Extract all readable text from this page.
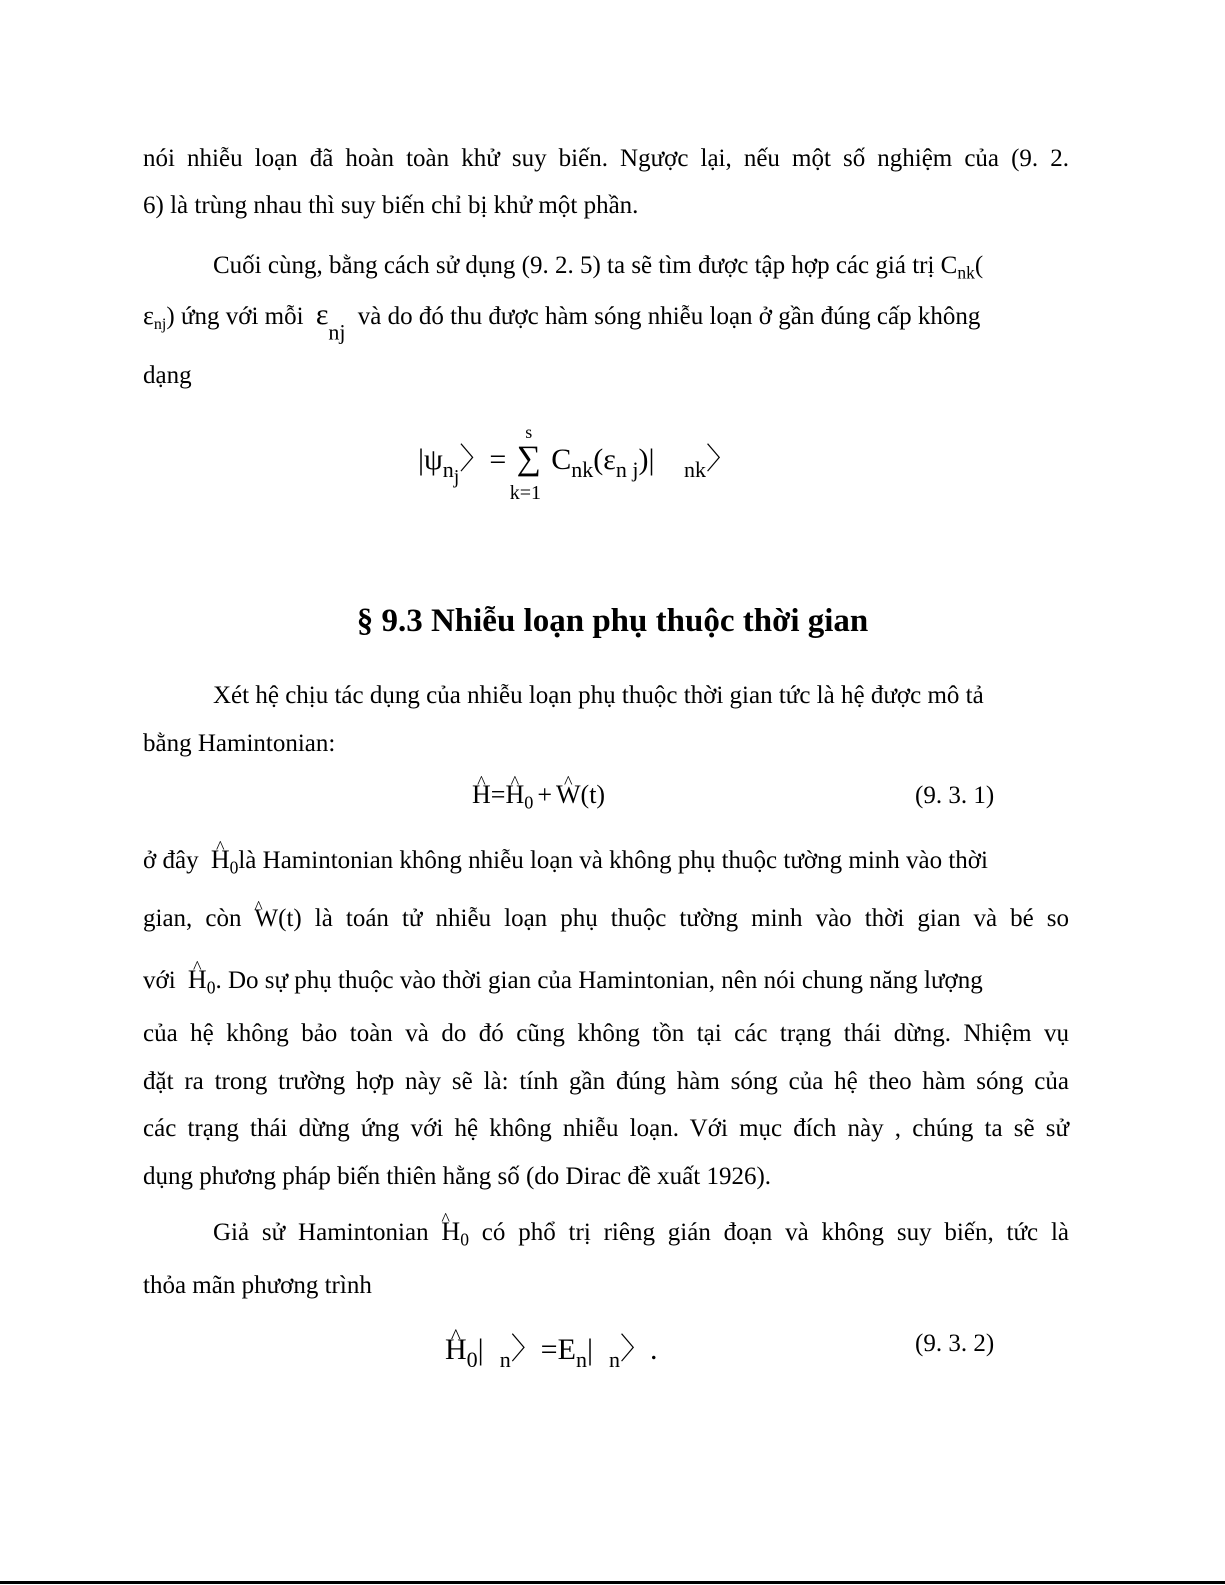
nói nhiễu loạn đã hoàn toàn khử suy biến. Ngược lại, nếu một số nghiệm của (9. 2.
6) là trùng nhau thì suy biến chỉ bị khử một phần.
Cuối cùng, bằng cách sử dụng (9. 2. 5) ta sẽ tìm được tập hợp các giá trị $C_{nk}$(
$\varepsilon_{nj}$) ứng với mỗi $\varepsilon_{nj}$ và do đó thu được hàm sóng nhiễu loạn ở gần đúng cấp không
dạng
$|\psi_{nj}$〉=
s
∑
k=1
$C_{nk}(\varepsilon_{n j})|$ $_{nk}$〉
§ 9.3 Nhiễu loạn phụ thuộc thời gian
Xét hệ chịu tác dụng của nhiễu loạn phụ thuộc thời gian tức là hệ được mô tả
bằng Hamintonian:
^ H=^ $H_0$ + ^ W(t)	(9. 3. 1)
ở đây ^ $H_0là$ Hamintonian không nhiễu loạn và không phụ thuộc tường minh vào thời
gian, còn ^ W(t) là toán tử nhiễu loạn phụ thuộc tường minh vào thời gian và bé so
với ^ $H_0$. Do sự phụ thuộc vào thời gian của Hamintonian, nên nói chung năng lượng
của hệ không bảo toàn và do đó cũng không tồn tại các trạng thái dừng. Nhiệm vụ
đặt ra trong trường hợp này sẽ là: tính gần đúng hàm sóng của hệ theo hàm sóng của
các trạng thái dừng ứng với hệ không nhiễu loạn. Với mục đích này , chúng ta sẽ sử
dụng phương pháp biến thiên hằng số (do Dirac đề xuất 1926).
Giả sử Hamintonian ^ $H_0$ có phổ trị riêng gián đoạn và không suy biến, tức là
thỏa mãn phương trình
^ $H_0|$ $_n$〉$=E_n|$ $_n$〉.	(9. 3. 2)
